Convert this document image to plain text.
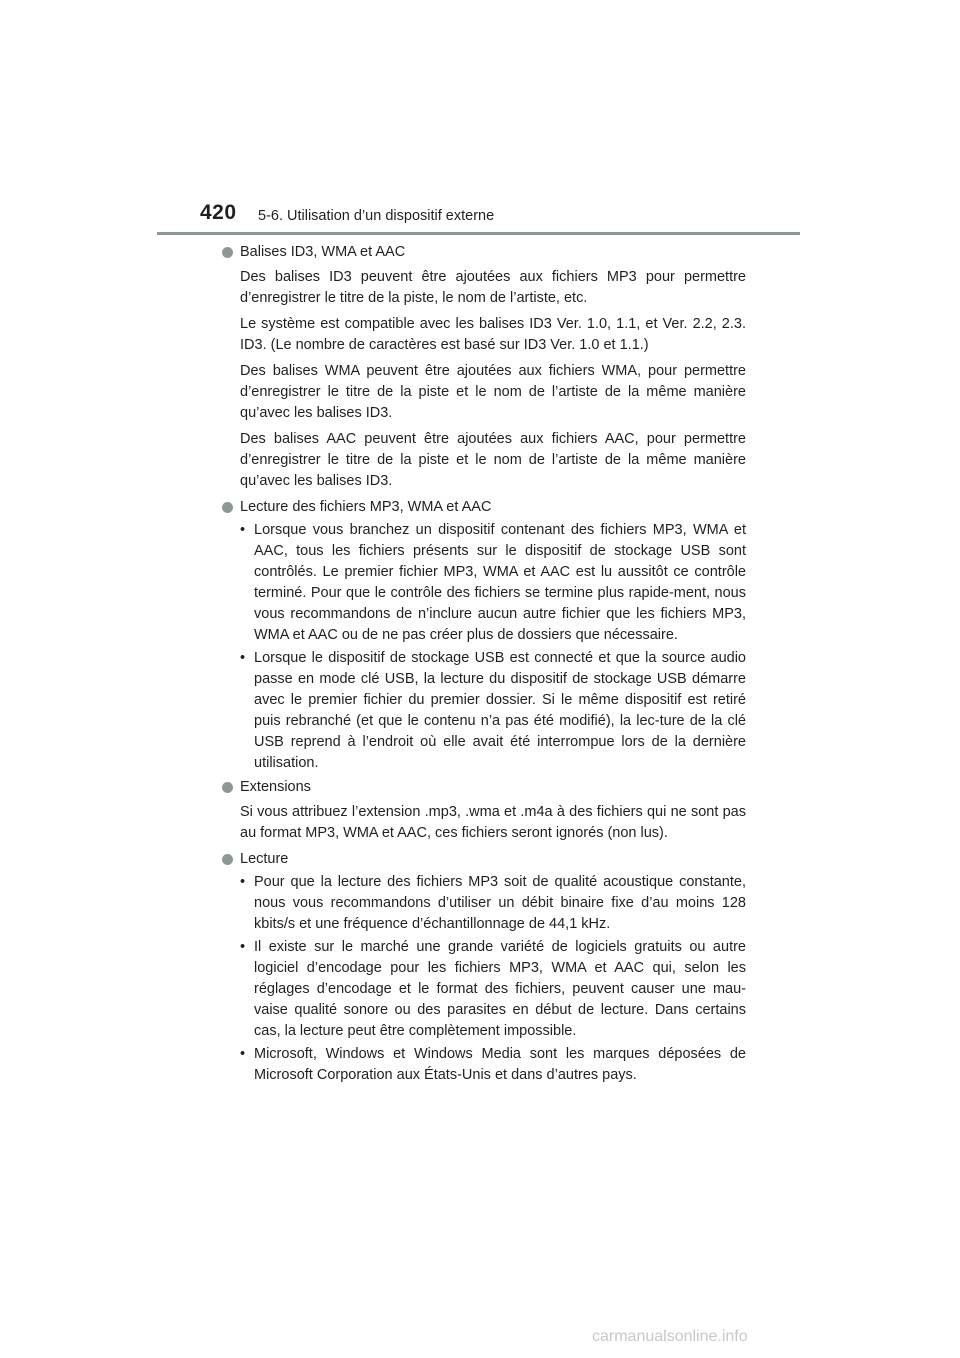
420 5-6. Utilisation d’un dispositif externe
Balises ID3, WMA et AAC
Des balises ID3 peuvent être ajoutées aux fichiers MP3 pour permettre d’enregistrer le titre de la piste, le nom de l’artiste, etc.
Le système est compatible avec les balises ID3 Ver. 1.0, 1.1, et Ver. 2.2, 2.3. ID3. (Le nombre de caractères est basé sur ID3 Ver. 1.0 et 1.1.)
Des balises WMA peuvent être ajoutées aux fichiers WMA, pour permettre d’enregistrer le titre de la piste et le nom de l’artiste de la même manière qu’avec les balises ID3.
Des balises AAC peuvent être ajoutées aux fichiers AAC, pour permettre d’enregistrer le titre de la piste et le nom de l’artiste de la même manière qu’avec les balises ID3.
Lecture des fichiers MP3, WMA et AAC
• Lorsque vous branchez un dispositif contenant des fichiers MP3, WMA et AAC, tous les fichiers présents sur le dispositif de stockage USB sont contrôlés. Le premier fichier MP3, WMA et AAC est lu aussitôt ce contrôle terminé. Pour que le contrôle des fichiers se termine plus rapide-ment, nous vous recommandons de n’inclure aucun autre fichier que les fichiers MP3, WMA et AAC ou de ne pas créer plus de dossiers que nécessaire.
• Lorsque le dispositif de stockage USB est connecté et que la source audio passe en mode clé USB, la lecture du dispositif de stockage USB démarre avec le premier fichier du premier dossier. Si le même dispositif est retiré puis rebranché (et que le contenu n’a pas été modifié), la lec-ture de la clé USB reprend à l’endroit où elle avait été interrompue lors de la dernière utilisation.
Extensions
Si vous attribuez l’extension .mp3, .wma et .m4a à des fichiers qui ne sont pas au format MP3, WMA et AAC, ces fichiers seront ignorés (non lus).
Lecture
• Pour que la lecture des fichiers MP3 soit de qualité acoustique constante, nous vous recommandons d’utiliser un débit binaire fixe d’au moins 128 kbits/s et une fréquence d’échantillonnage de 44,1 kHz.
• Il existe sur le marché une grande variété de logiciels gratuits ou autre logiciel d’encodage pour les fichiers MP3, WMA et AAC qui, selon les réglages d’encodage et le format des fichiers, peuvent causer une mau-vaise qualité sonore ou des parasites en début de lecture. Dans certains cas, la lecture peut être complètement impossible.
• Microsoft, Windows et Windows Media sont les marques déposées de Microsoft Corporation aux États-Unis et dans d’autres pays.
carmanualsonline.info
